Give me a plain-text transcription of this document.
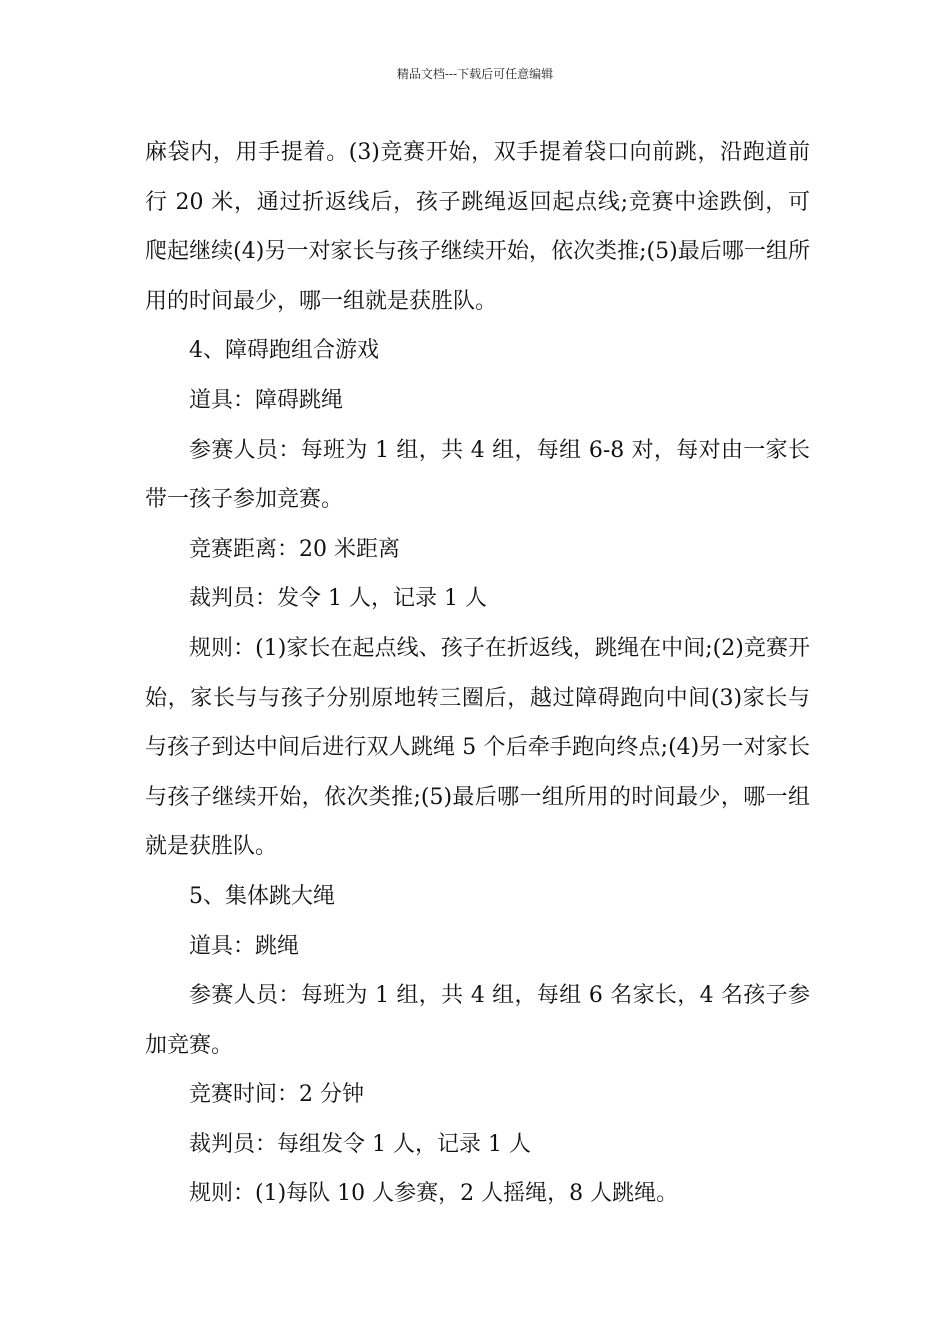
精品文档---下载后可任意编辑

麻袋内，用手提着。(3)竞赛开始，双手提着袋口向前跳，沿跑道前行 20 米，通过折返线后，孩子跳绳返回起点线;竞赛中途跌倒，可爬起继续(4)另一对家长与孩子继续开始，依次类推;(5)最后哪一组所用的时间最少，哪一组就是获胜队。

4、障碍跑组合游戏

道具：障碍跳绳

参赛人员：每班为 1 组，共 4 组，每组 6-8 对，每对由一家长带一孩子参加竞赛。

竞赛距离：20 米距离

裁判员：发令 1 人，记录 1 人

规则：(1)家长在起点线、孩子在折返线，跳绳在中间;(2)竞赛开始，家长与与孩子分别原地转三圈后，越过障碍跑向中间(3)家长与与孩子到达中间后进行双人跳绳 5 个后牵手跑向终点;(4)另一对家长与孩子继续开始，依次类推;(5)最后哪一组所用的时间最少，哪一组就是获胜队。

5、集体跳大绳

道具：跳绳

参赛人员：每班为 1 组，共 4 组，每组 6 名家长，4 名孩子参加竞赛。

竞赛时间：2 分钟

裁判员：每组发令 1 人，记录 1 人

规则：(1)每队 10 人参赛，2 人摇绳，8 人跳绳。
